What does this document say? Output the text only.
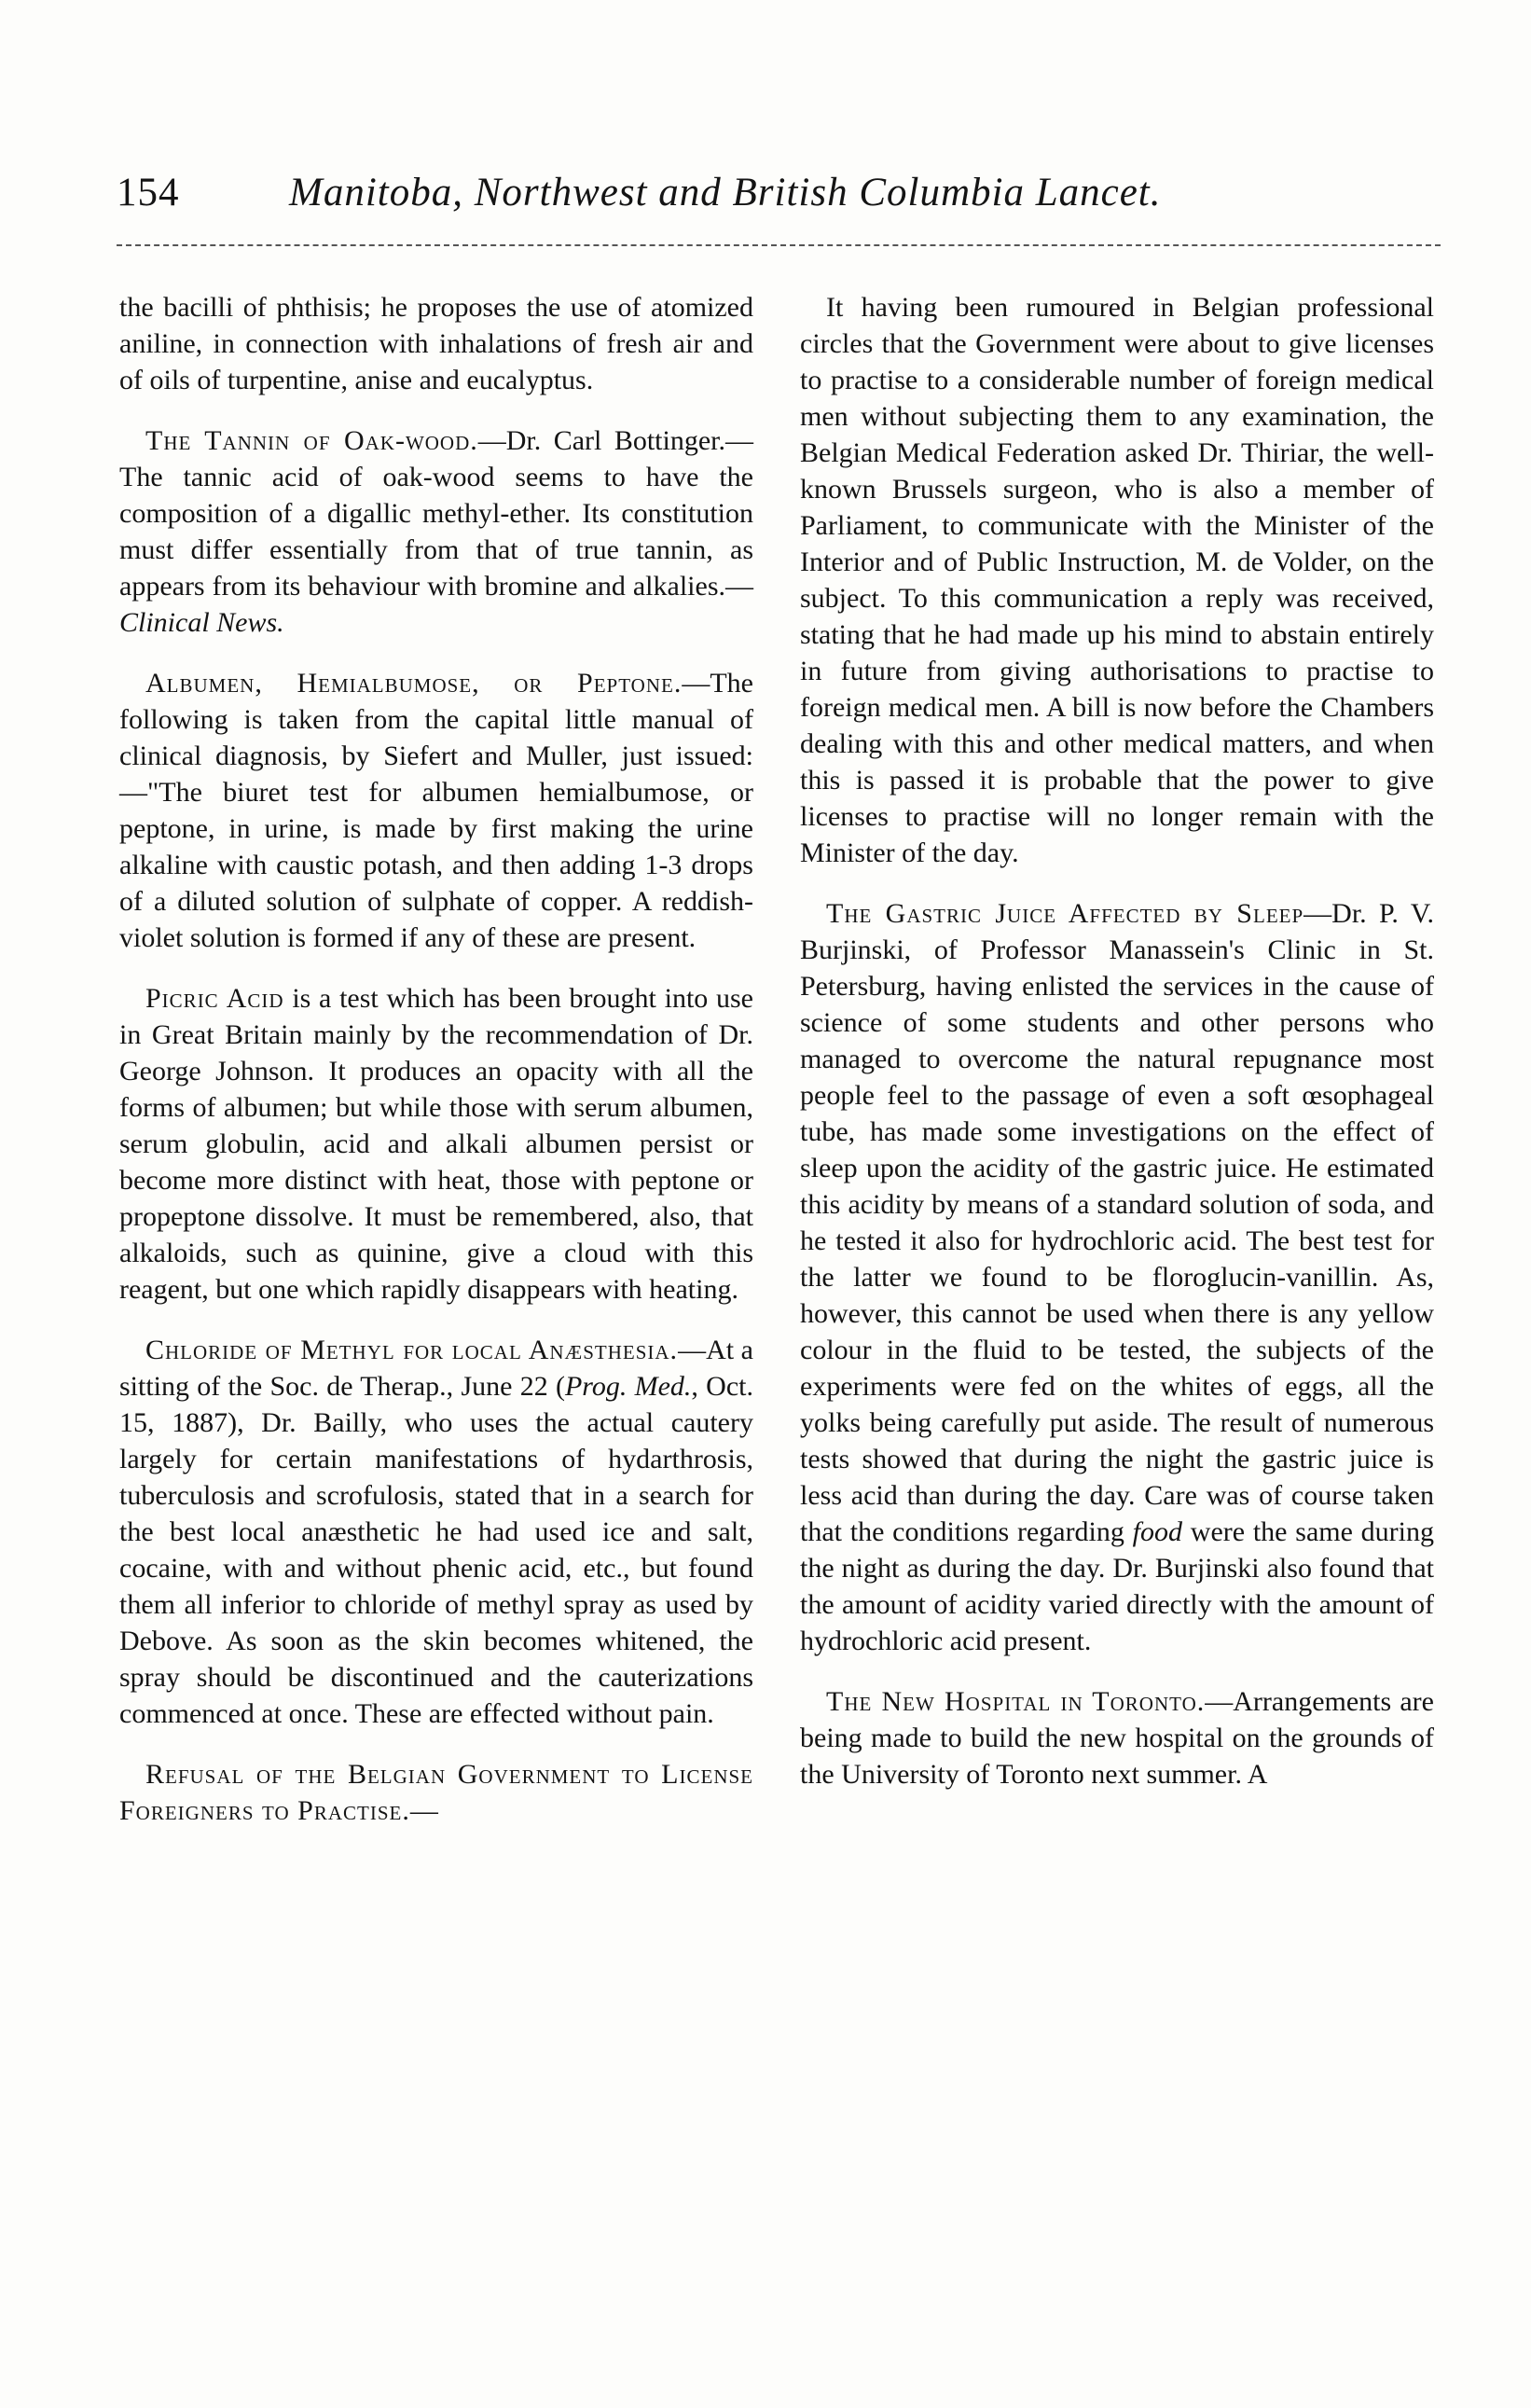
154	Manitoba, Northwest and British Columbia Lancet.

the bacilli of phthisis; he proposes the use of atomized aniline, in connection with inhalations of fresh air and of oils of turpentine, anise and eucalyptus.

The Tannin of Oak-wood.—Dr. Carl Bottinger.—The tannic acid of oak-wood seems to have the composition of a digallic methyl-ether. Its constitution must differ essentially from that of true tannin, as appears from its behaviour with bromine and alkalies.—Clinical News.

Albumen, Hemialbumose, or Peptone.—The following is taken from the capital little manual of clinical diagnosis, by Siefert and Muller, just issued:—"The biuret test for albumen hemialbumose, or peptone, in urine, is made by first making the urine alkaline with caustic potash, and then adding 1-3 drops of a diluted solution of sulphate of copper. A reddish-violet solution is formed if any of these are present.

Picric Acid is a test which has been brought into use in Great Britain mainly by the recommendation of Dr. George Johnson. It produces an opacity with all the forms of albumen; but while those with serum albumen, serum globulin, acid and alkali albumen persist or become more distinct with heat, those with peptone or propeptone dissolve. It must be remembered, also, that alkaloids, such as quinine, give a cloud with this reagent, but one which rapidly disappears with heating.

Chloride of Methyl for local Anæsthesia.—At a sitting of the Soc. de Therap., June 22 (Prog. Med., Oct. 15, 1887), Dr. Bailly, who uses the actual cautery largely for certain manifestations of hydarthrosis, tuberculosis and scrofulosis, stated that in a search for the best local anæsthetic he had used ice and salt, cocaine, with and without phenic acid, etc., but found them all inferior to chloride of methyl spray as used by Debove. As soon as the skin becomes whitened, the spray should be discontinued and the cauterizations commenced at once. These are effected without pain.

Refusal of the Belgian Government to License Foreigners to Practise.—

It having been rumoured in Belgian professional circles that the Government were about to give licenses to practise to a considerable number of foreign medical men without subjecting them to any examination, the Belgian Medical Federation asked Dr. Thiriar, the well-known Brussels surgeon, who is also a member of Parliament, to communicate with the Minister of the Interior and of Public Instruction, M. de Volder, on the subject. To this communication a reply was received, stating that he had made up his mind to abstain entirely in future from giving authorisations to practise to foreign medical men. A bill is now before the Chambers dealing with this and other medical matters, and when this is passed it is probable that the power to give licenses to practise will no longer remain with the Minister of the day.

The Gastric Juice Affected by Sleep—Dr. P. V. Burjinski, of Professor Manassein's Clinic in St. Petersburg, having enlisted the services in the cause of science of some students and other persons who managed to overcome the natural repugnance most people feel to the passage of even a soft œsophageal tube, has made some investigations on the effect of sleep upon the acidity of the gastric juice. He estimated this acidity by means of a standard solution of soda, and he tested it also for hydrochloric acid. The best test for the latter we found to be floroglucin-vanillin. As, however, this cannot be used when there is any yellow colour in the fluid to be tested, the subjects of the experiments were fed on the whites of eggs, all the yolks being carefully put aside. The result of numerous tests showed that during the night the gastric juice is less acid than during the day. Care was of course taken that the conditions regarding food were the same during the night as during the day. Dr. Burjinski also found that the amount of acidity varied directly with the amount of hydrochloric acid present.

The New Hospital in Toronto.—Arrangements are being made to build the new hospital on the grounds of the University of Toronto next summer. A
